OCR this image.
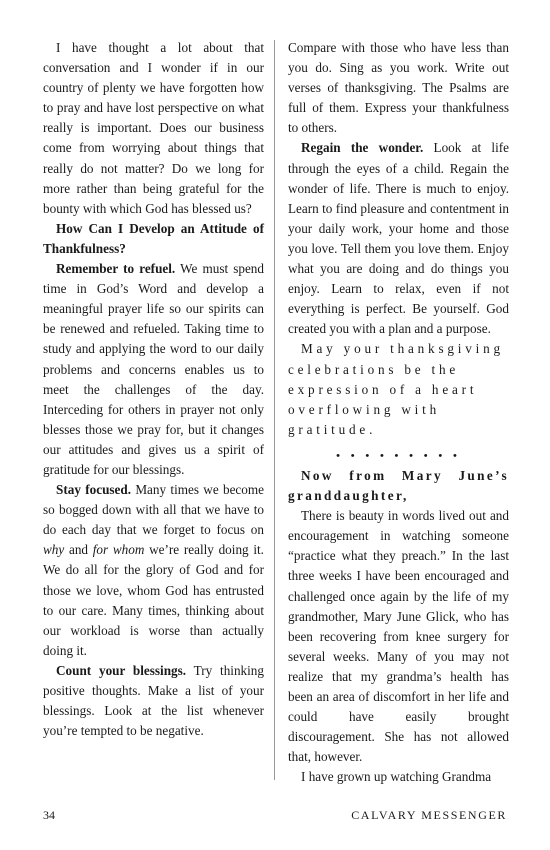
I have thought a lot about that conversation and I wonder if in our country of plenty we have forgotten how to pray and have lost perspective on what really is important. Does our business come from worrying about things that really do not matter? Do we long for more rather than being grateful for the bounty with which God has blessed us?

How Can I Develop an Attitude of Thankfulness?

Remember to refuel. We must spend time in God’s Word and develop a meaningful prayer life so our spirits can be renewed and refueled. Taking time to study and applying the word to our daily problems and concerns enables us to meet the challenges of the day. Interceding for others in prayer not only blesses those we pray for, but it changes our attitudes and gives us a spirit of gratitude for our blessings.

Stay focused. Many times we become so bogged down with all that we have to do each day that we forget to focus on why and for whom we’re really doing it. We do all for the glory of God and for those we love, whom God has entrusted to our care. Many times, thinking about our workload is worse than actually doing it.

Count your blessings. Try thinking positive thoughts. Make a list of your blessings. Look at the list whenever you’re tempted to be negative.

Compare with those who have less than you do. Sing as you work. Write out verses of thanksgiving. The Psalms are full of them. Express your thankfulness to others.

Regain the wonder. Look at life through the eyes of a child. Regain the wonder of life. There is much to enjoy. Learn to find pleasure and contentment in your daily work, your home and those you love. Tell them you love them. Enjoy what you are doing and do things you enjoy. Learn to relax, even if not everything is perfect. Be yourself. God created you with a plan and a purpose.

May your thanksgiving celebrations be the expression of a heart overflowing with gratitude.

• • • • • • • • •

Now from Mary June’s granddaughter,

There is beauty in words lived out and encouragement in watching someone “practice what they preach.” In the last three weeks I have been encouraged and challenged once again by the life of my grandmother, Mary June Glick, who has been recovering from knee surgery for several weeks. Many of you may not realize that my grandma’s health has been an area of discomfort in her life and could have easily brought discouragement. She has not allowed that, however.

I have grown up watching Grandma

34	CALVARY MESSENGER
